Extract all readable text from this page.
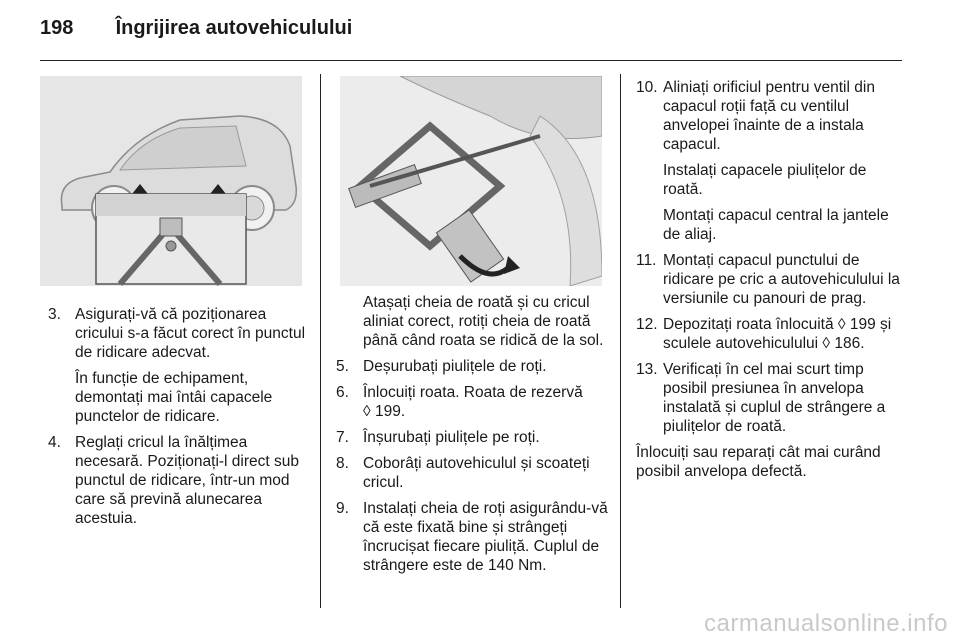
198 Îngrijirea autovehiculului
3. Asigurați-vă că poziționarea cricului s-a făcut corect în punctul de ridicare adecvat.
În funcție de echipament, demontați mai întâi capacele punctelor de ridicare.
4. Reglați cricul la înălțimea necesară. Poziționați-l direct sub punctul de ridicare, într-un mod care să prevină alunecarea acestuia.
Atașați cheia de roată și cu cricul aliniat corect, rotiți cheia de roată până când roata se ridică de la sol.
5. Deșurubați piulițele de roți.
6. Înlocuiți roata. Roata de rezervă
◊ 199.
7. Înșurubați piulițele pe roți.
8. Coborâți autovehiculul și scoateți cricul.
9. Instalați cheia de roți asigurându-vă că este fixată bine și strângeți încrucișat fiecare piuliță. Cuplul de strângere este de 140 Nm.
10. Aliniați orificiul pentru ventil din capacul roții față cu ventilul anvelopei înainte de a instala capacul.
Instalați capacele piulițelor de roată.
Montați capacul central la jantele de aliaj.
11. Montați capacul punctului de ridicare pe cric a autovehiculului la versiunile cu panouri de prag.
12. Depozitați roata înlocuită ◊ 199 și sculele autovehiculului ◊ 186.
13. Verificați în cel mai scurt timp posibil presiunea în anvelopa instalată și cuplul de strângere a piulițelor de roată.
Înlocuiți sau reparați cât mai curând posibil anvelopa defectă.
carmanualsonline.info
